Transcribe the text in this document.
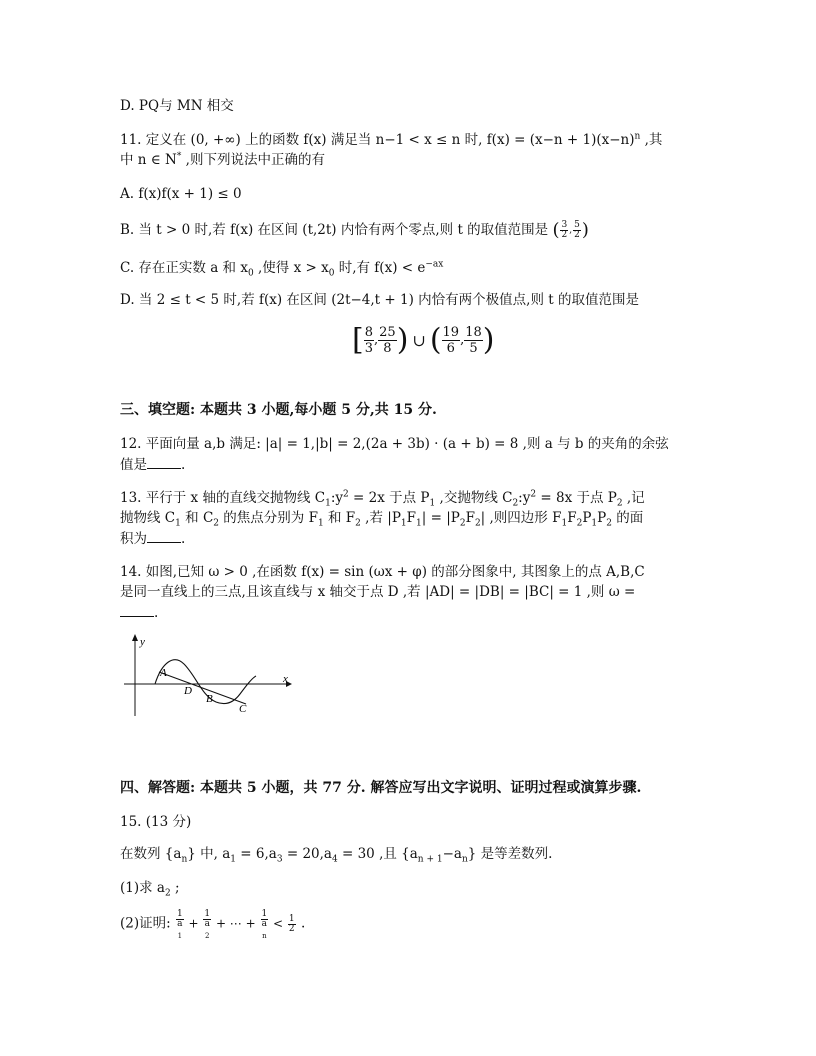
D. PQ与 MN 相交
11. 定义在 (0, +∞) 上的函数 f(x) 满足当 n−1 < x ≤ n 时, $f(x) = (x-n + 1)(x-n)^n$ ,其
中 n ∈ N* ,则下列说法中正确的有
A. f(x)f(x + 1) ≤ 0
B. 当 t > 0 时,若 f(x) 在区间 (t,2t) 内恰有两个零点,则 t 的取值范围是 ( $\frac{3}{2}$ , $\frac{5}{2}$ )
C. 存在正实数 a 和 $x_0$ ,使得 $x > x_0$ 时,有 $f(x) < e^{-ax}$
D. 当 2 ≤ t < 5 时,若 f(x) 在区间 (2t−4,t + 1) 内恰有两个极值点,则 t 的取值范围是
[ $\frac{8}{3}$ , $\frac{25}{8}$ ) ∪ ( $\frac{19}{6}$ , $\frac{18}{5}$ )
三、填空题: 本题共 3 小题,每小题 5 分,共 15 分.
12. 平面向量 a,b 满足: |a| = 1,|b| = 2,(2a + 3b) · (a + b) = 8 ,则 a 与 b 的夹角的余弦
值是	.
13. 平行于 x 轴的直线交抛物线 $C_1:y^2 = 2x$ 于点 $P_1$ ,交抛物线 $C_2:y^2 = 8x$ 于点 $P_2$ ,记
抛物线 $C_1$ 和 $C_2$ 的焦点分别为 $F_1$ 和 $F_2$ ,若 $|P_1F_1| = |P_2F_2|$ ,则四边形 $F_1F_2P_1P_2$ 的面
积为	.
14. 如图,已知 ω > 0 ,在函数 f(x) = sin (ωx + φ) 的部分图象中, 其图象上的点 A,B,C
是同一直线上的三点,且该直线与 x 轴交于点 D ,若 |AD| = |DB| = |BC| = 1 ,则 ω =
.
y
x
A
D
B
C
四、解答题: 本题共 5 小题，共 77 分. 解答应写出文字说明、证明过程或演算步骤.
15. (13 分)
在数列 $\{a_n\}$ 中, $a_1 = 6,a_3 = 20,a_4 = 30$ ,且 $\{a_{n + 1}-a_n\}$ 是等差数列.
(1)求 $a_2$ ;
(2)证明: 1
a
$_1$ + 1
a
$_2$ + ⋯ + 1
a
$_n < \frac{1}{2}$ .
